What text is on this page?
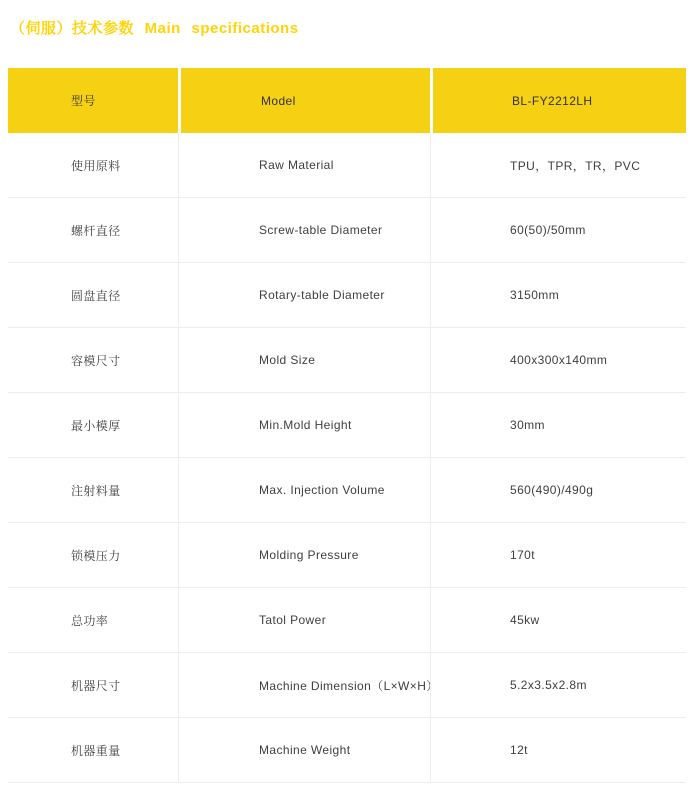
（伺服）技术参数 Main specifications
型号	Model	BL-FY2212LH
使用原料	Raw Material	TPU，TPR，TR，PVC
螺杆直径	Screw-table Diameter	60(50)/50mm
圆盘直径	Rotary-table Diameter	3150mm
容模尺寸	Mold Size	400x300x140mm
最小模厚	Min.Mold Height	30mm
注射料量	Max. Injection Volume	560(490)/490g
锁模压力	Molding Pressure	170t
总功率	Tatol Power	45kw
机器尺寸	Machine Dimension（L×W×H）	5.2x3.5x2.8m
机器重量	Machine Weight	12t
